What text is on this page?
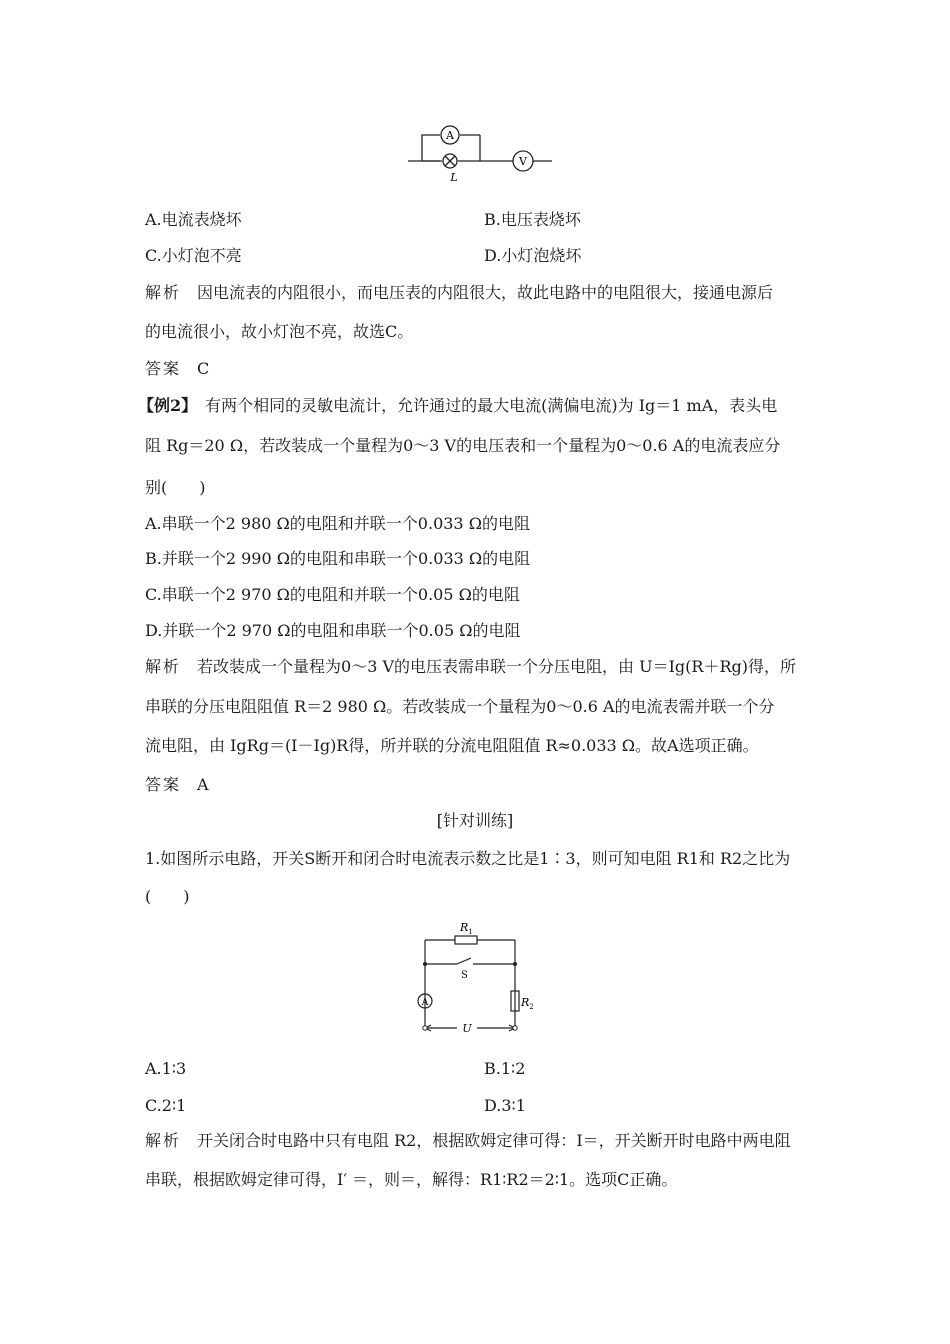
A
V
L
A.电流表烧坏	B.电压表烧坏
C.小灯泡不亮	D.小灯泡烧坏
解析　 因电流表的内阻很小，而电压表的内阻很大，故此电路中的电阻很大，接通电源后
的电流很小，故小灯泡不亮，故选C。
答案　 C
【例2】  有两个相同的灵敏电流计，允许通过的最大电流(满偏电流)为 Ig＝1 mA，表头电
阻 Rg＝20 Ω，若改装成一个量程为0～3 V的电压表和一个量程为0～0.6 A的电流表应分
别(　　)
A.串联一个2 980 Ω的电阻和并联一个0.033 Ω的电阻
B.并联一个2 990 Ω的电阻和串联一个0.033 Ω的电阻
C.串联一个2 970 Ω的电阻和并联一个0.05 Ω的电阻
D.并联一个2 970 Ω的电阻和串联一个0.05 Ω的电阻
解析　 若改装成一个量程为0～3 V的电压表需串联一个分压电阻，由 U＝Ig(R＋Rg)得，所
串联的分压电阻阻值 R＝2 980 Ω。若改装成一个量程为0～0.6 A的电流表需并联一个分
流电阻，由 IgRg＝(I－Ig)R得，所并联的分流电阻阻值 R≈0.033 Ω。故A选项正确。
答案　 A
[针对训练]
1.如图所示电路，开关S断开和闭合时电流表示数之比是1∶3，则可知电阻 R1和 R2之比为
(　　)
$R_1$
S
$R_2$
A
U
A.1∶3	B.1∶2
C.2∶1	D.3∶1
解析　 开关闭合时电路中只有电阻 R2，根据欧姆定律可得：I＝，开关断开时电路中两电阻
串联，根据欧姆定律可得，I′ ＝，则＝，解得：R1∶R2＝2∶1。选项C正确。
